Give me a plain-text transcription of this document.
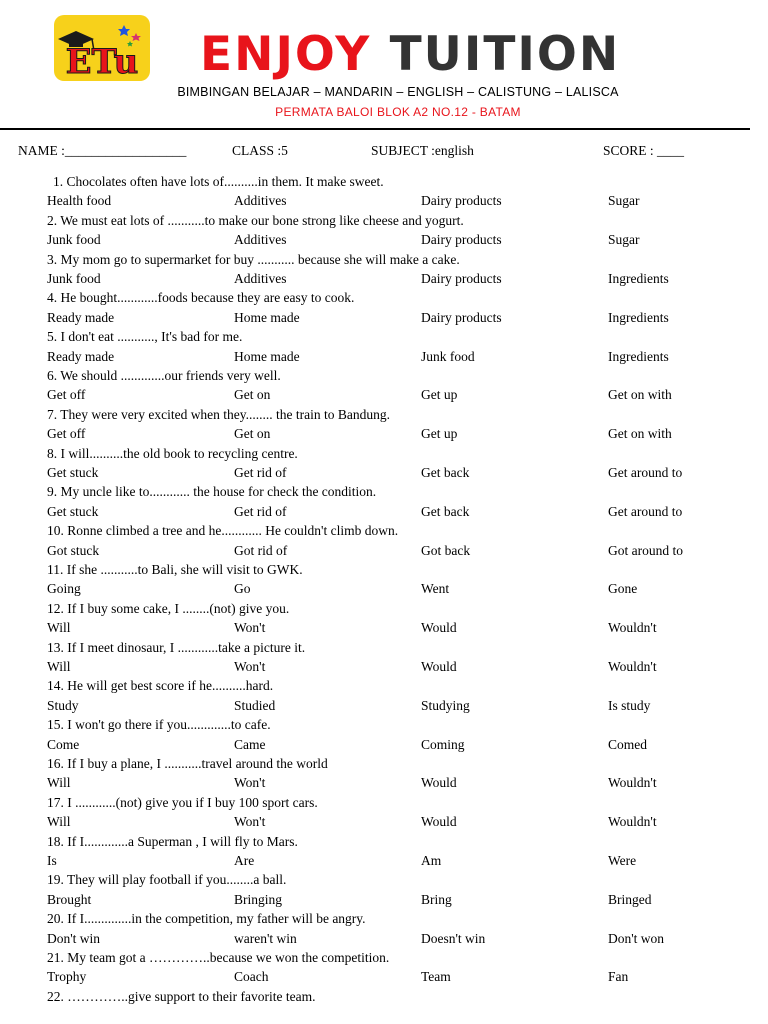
ETu ENJOY TUITION
BIMBINGAN BELAJAR – MANDARIN – ENGLISH – CALISTUNG – LALISCA
PERMATA BALOI BLOK A2 NO.12 - BATAM
NAME :__________________	CLASS :5	SUBJECT :english	SCORE : ____
1. Chocolates often have lots of..........in them. It make sweet.
Health food	Additives	Dairy products	Sugar
2. We must eat lots of ...........to make our bone strong like cheese and yogurt.
Junk food	Additives	Dairy products	Sugar
3. My mom go to supermarket for buy ........... because she will make a cake.
Junk food	Additives	Dairy products	Ingredients
4. He bought............foods because they are easy to cook.
Ready made	Home made	Dairy products	Ingredients
5. I don't eat ..........., It's bad for me.
Ready made	Home made	Junk food	Ingredients
6. We should .............our friends very well.
Get off	Get on	Get up	Get on with
7. They were very excited when they........ the train to Bandung.
Get off	Get on	Get up	Get on with
8. I will..........the old book to recycling centre.
Get stuck	Get rid of	Get back	Get around to
9. My uncle like to............ the house for check the condition.
Get stuck	Get rid of	Get back	Get around to
10. Ronne climbed a tree and he............ He couldn't climb down.
Got stuck	Got rid of	Got back	Got around to
11. If she ...........to Bali, she will visit to GWK.
Going	Go	Went	Gone
12. If I buy some cake, I ........(not) give you.
Will	Won't	Would	Wouldn't
13. If I meet dinosaur, I ............take a picture it.
Will	Won't	Would	Wouldn't
14. He will get best score if he..........hard.
Study	Studied	Studying	Is study
15. I won't go there if you.............to cafe.
Come	Came	Coming	Comed
16. If I buy a plane, I ...........travel around the world
Will	Won't	Would	Wouldn't
17. I ............(not) give you if I buy 100 sport cars.
Will	Won't	Would	Wouldn't
18. If I.............a Superman , I will fly to Mars.
Is	Are	Am	Were
19. They will play football if you........a ball.
Brought	Bringing	Bring	Bringed
20. If I..............in the competition, my father will be angry.
Don't win	waren't win	Doesn't win	Don't won
21. My team got a …………..because we won the competition.
Trophy	Coach	Team	Fan
22. …………..give support to their favorite team.
